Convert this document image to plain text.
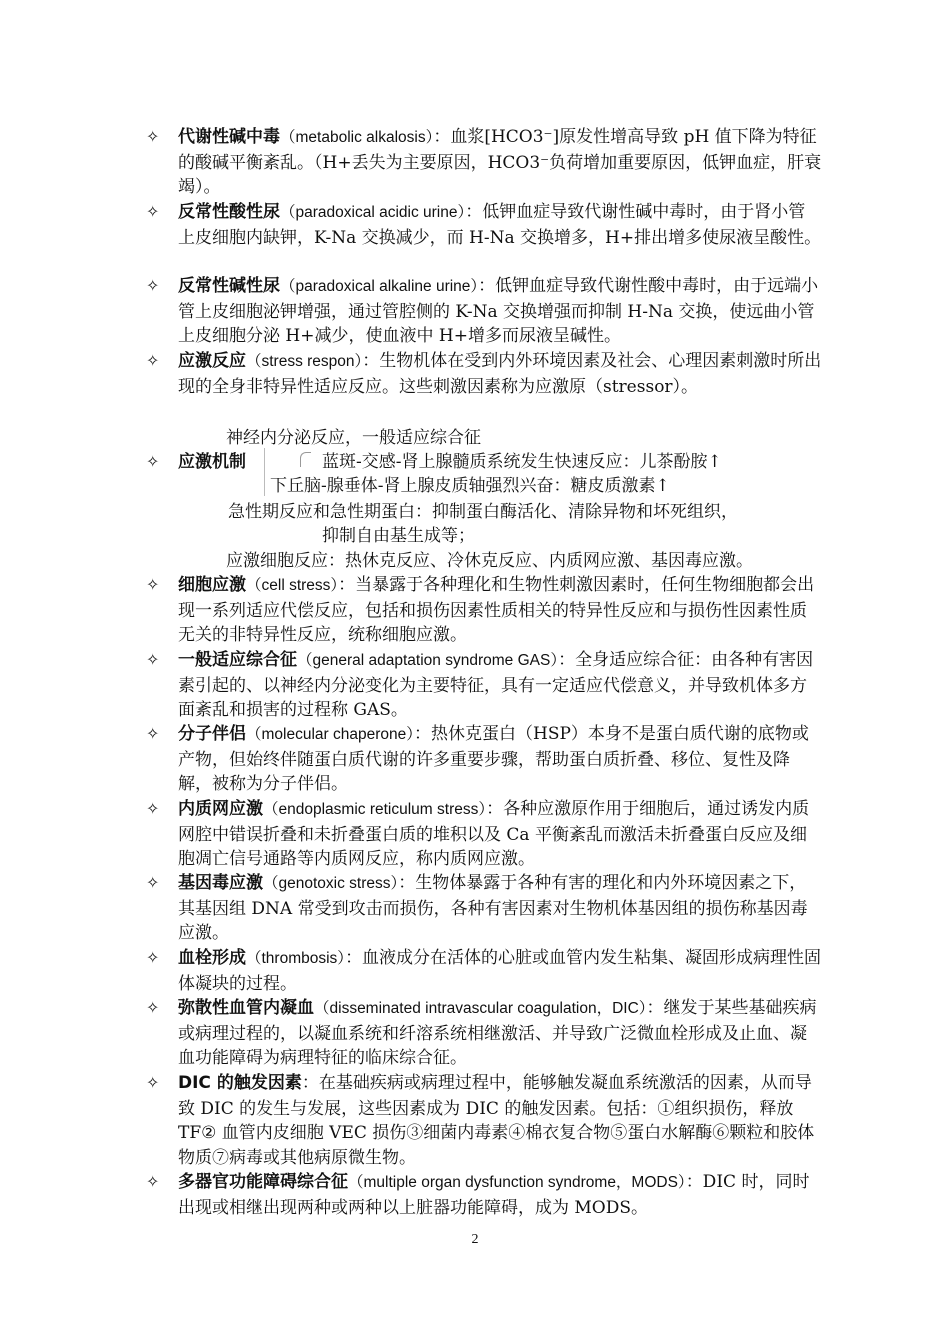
✧	代谢性碱中毒（metabolic alkalosis）：血浆[HCO3⁻]原发性增高导致 pH 值下降为特征的酸碱平衡紊乱。（H+丢失为主要原因，HCO3⁻负荷增加重要原因，低钾血症，肝衰竭）。
✧	反常性酸性尿（paradoxical acidic urine）：低钾血症导致代谢性碱中毒时，由于肾小管上皮细胞内缺钾，K-Na 交换减少，而 H-Na 交换增多，H+排出增多使尿液呈酸性。
✧	反常性碱性尿（paradoxical alkaline urine）：低钾血症导致代谢性酸中毒时，由于远端小管上皮细胞泌钾增强，通过管腔侧的 K-Na 交换增强而抑制 H-Na 交换，使远曲小管上皮细胞分泌 H+减少，使血液中 H+增多而尿液呈碱性。
✧	应激反应（stress respon）：生物机体在受到内外环境因素及社会、心理因素刺激时所出现的全身非特异性适应反应。这些刺激因素称为应激原（stressor）。
神经内分泌反应，一般适应综合征
✧ 应激机制	蓝斑-交感-肾上腺髓质系统发生快速反应：儿茶酚胺↑
下丘脑-腺垂体-肾上腺皮质轴强烈兴奋：糖皮质激素↑
急性期反应和急性期蛋白：抑制蛋白酶活化、清除异物和坏死组织，
抑制自由基生成等；
应激细胞反应：热休克反应、冷休克反应、内质网应激、基因毒应激。
✧	细胞应激（cell stress）：当暴露于各种理化和生物性刺激因素时，任何生物细胞都会出现一系列适应代偿反应，包括和损伤因素性质相关的特异性反应和与损伤性因素性质无关的非特异性反应，统称细胞应激。
✧	一般适应综合征（general adaptation syndrome GAS）：全身适应综合征：由各种有害因素引起的、以神经内分泌变化为主要特征，具有一定适应代偿意义，并导致机体多方面紊乱和损害的过程称 GAS。
✧	分子伴侣（molecular chaperone）：热休克蛋白（HSP）本身不是蛋白质代谢的底物或产物，但始终伴随蛋白质代谢的许多重要步骤，帮助蛋白质折叠、移位、复性及降解，被称为分子伴侣。
✧	内质网应激（endoplasmic reticulum stress）：各种应激原作用于细胞后，通过诱发内质网腔中错误折叠和未折叠蛋白质的堆积以及 Ca 平衡紊乱而激活未折叠蛋白反应及细胞凋亡信号通路等内质网反应，称内质网应激。
✧	基因毒应激（genotoxic stress）：生物体暴露于各种有害的理化和内外环境因素之下，其基因组 DNA 常受到攻击而损伤，各种有害因素对生物机体基因组的损伤称基因毒应激。
✧	血栓形成（thrombosis）：血液成分在活体的心脏或血管内发生粘集、凝固形成病理性固体凝块的过程。
✧	弥散性血管内凝血（disseminated intravascular coagulation，DIC）：继发于某些基础疾病或病理过程的，以凝血系统和纤溶系统相继激活、并导致广泛微血栓形成及止血、凝血功能障碍为病理特征的临床综合征。
✧	DIC 的触发因素：在基础疾病或病理过程中，能够触发凝血系统激活的因素，从而导致 DIC 的发生与发展，这些因素成为 DIC 的触发因素。包括：①组织损伤，释放 TF② 血管内皮细胞 VEC 损伤③细菌内毒素④棉衣复合物⑤蛋白水解酶⑥颗粒和胶体物质⑦病毒或其他病原微生物。
✧	多器官功能障碍综合征（multiple organ dysfunction syndrome，MODS）：DIC 时，同时出现或相继出现两种或两种以上脏器功能障碍，成为 MODS。
2
